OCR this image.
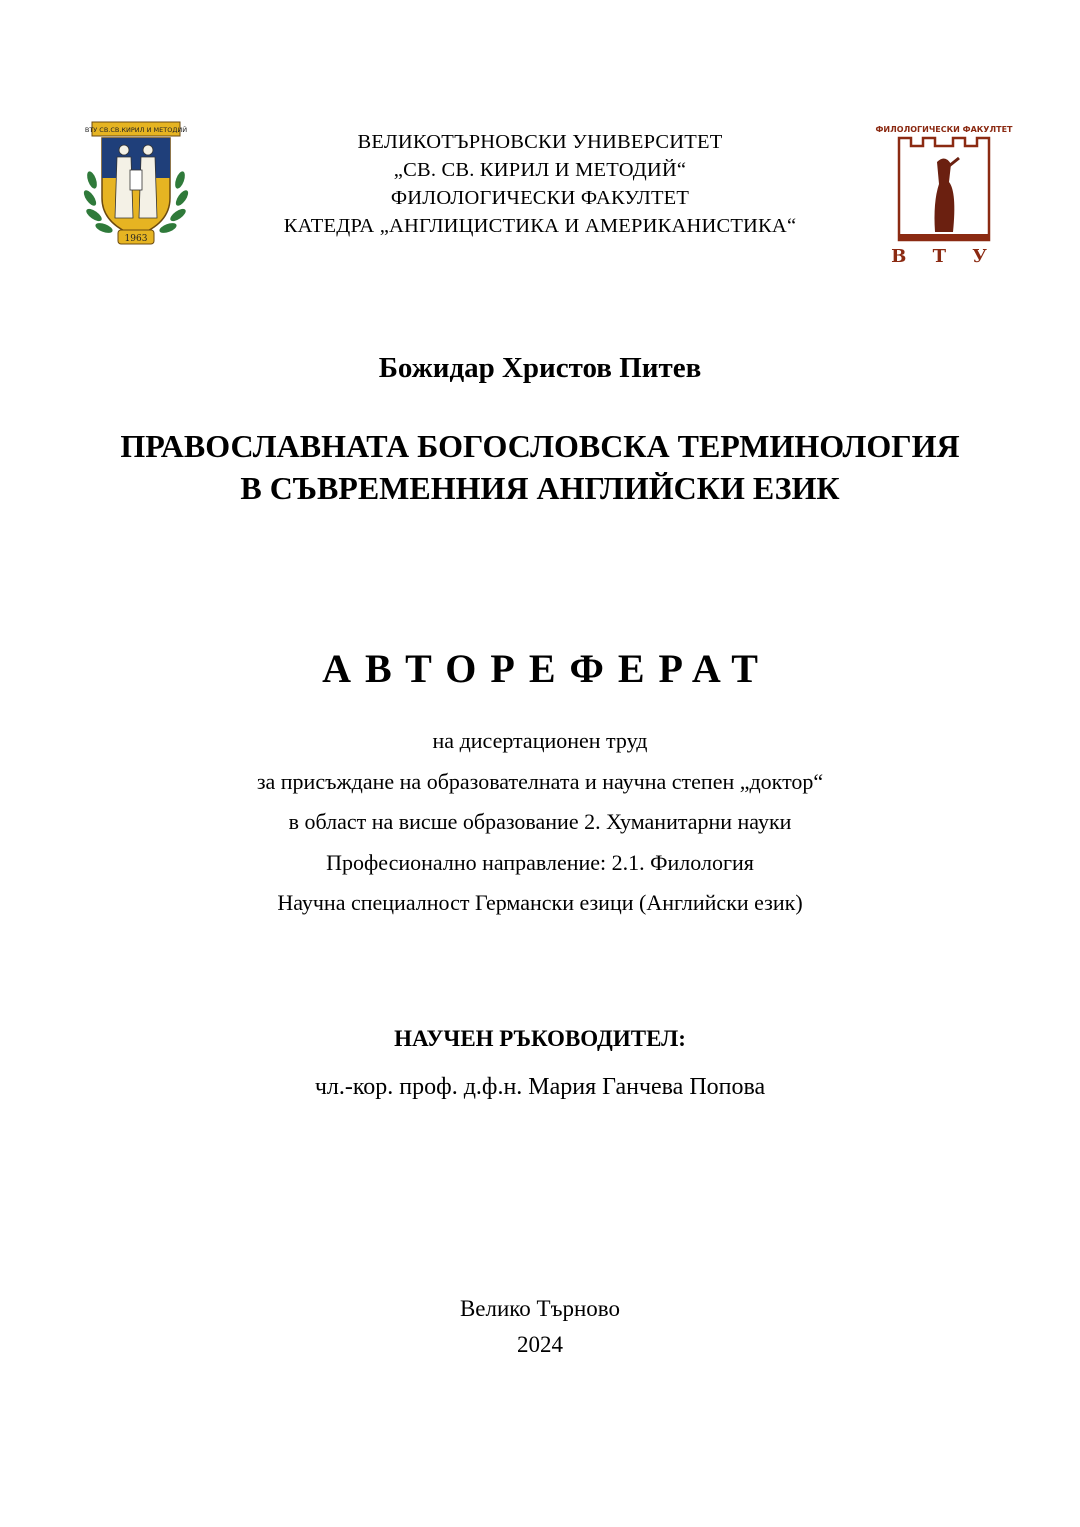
ВТУ СВ.СВ.КИРИЛ И МЕТОДИЙ
1963
ВЕЛИКОТЪРНОВСКИ УНИВЕРСИТЕТ
„СВ. СВ. КИРИЛ И МЕТОДИЙ“
ФИЛОЛОГИЧЕСКИ ФАКУЛТЕТ
КАТЕДРА „АНГЛИЦИСТИКА И АМЕРИКАНИСТИКА“
ФИЛОЛОГИЧЕСКИ ФАКУЛТЕТ
В Т У
Божидар Христов Питев
ПРАВОСЛАВНАТА БОГОСЛОВСКА ТЕРМИНОЛОГИЯ
В СЪВРЕМЕННИЯ АНГЛИЙСКИ ЕЗИК
АВТОРЕФЕРАТ
на дисертационен труд
за присъждане на образователната и научна степен „доктор“
в област на висше образование 2. Хуманитарни науки
Професионално направление: 2.1. Филология
Научна специалност Германски езици (Английски език)
НАУЧЕН РЪКОВОДИТЕЛ:
чл.-кор. проф. д.ф.н. Мария Ганчева Попова
Велико Търново
2024
